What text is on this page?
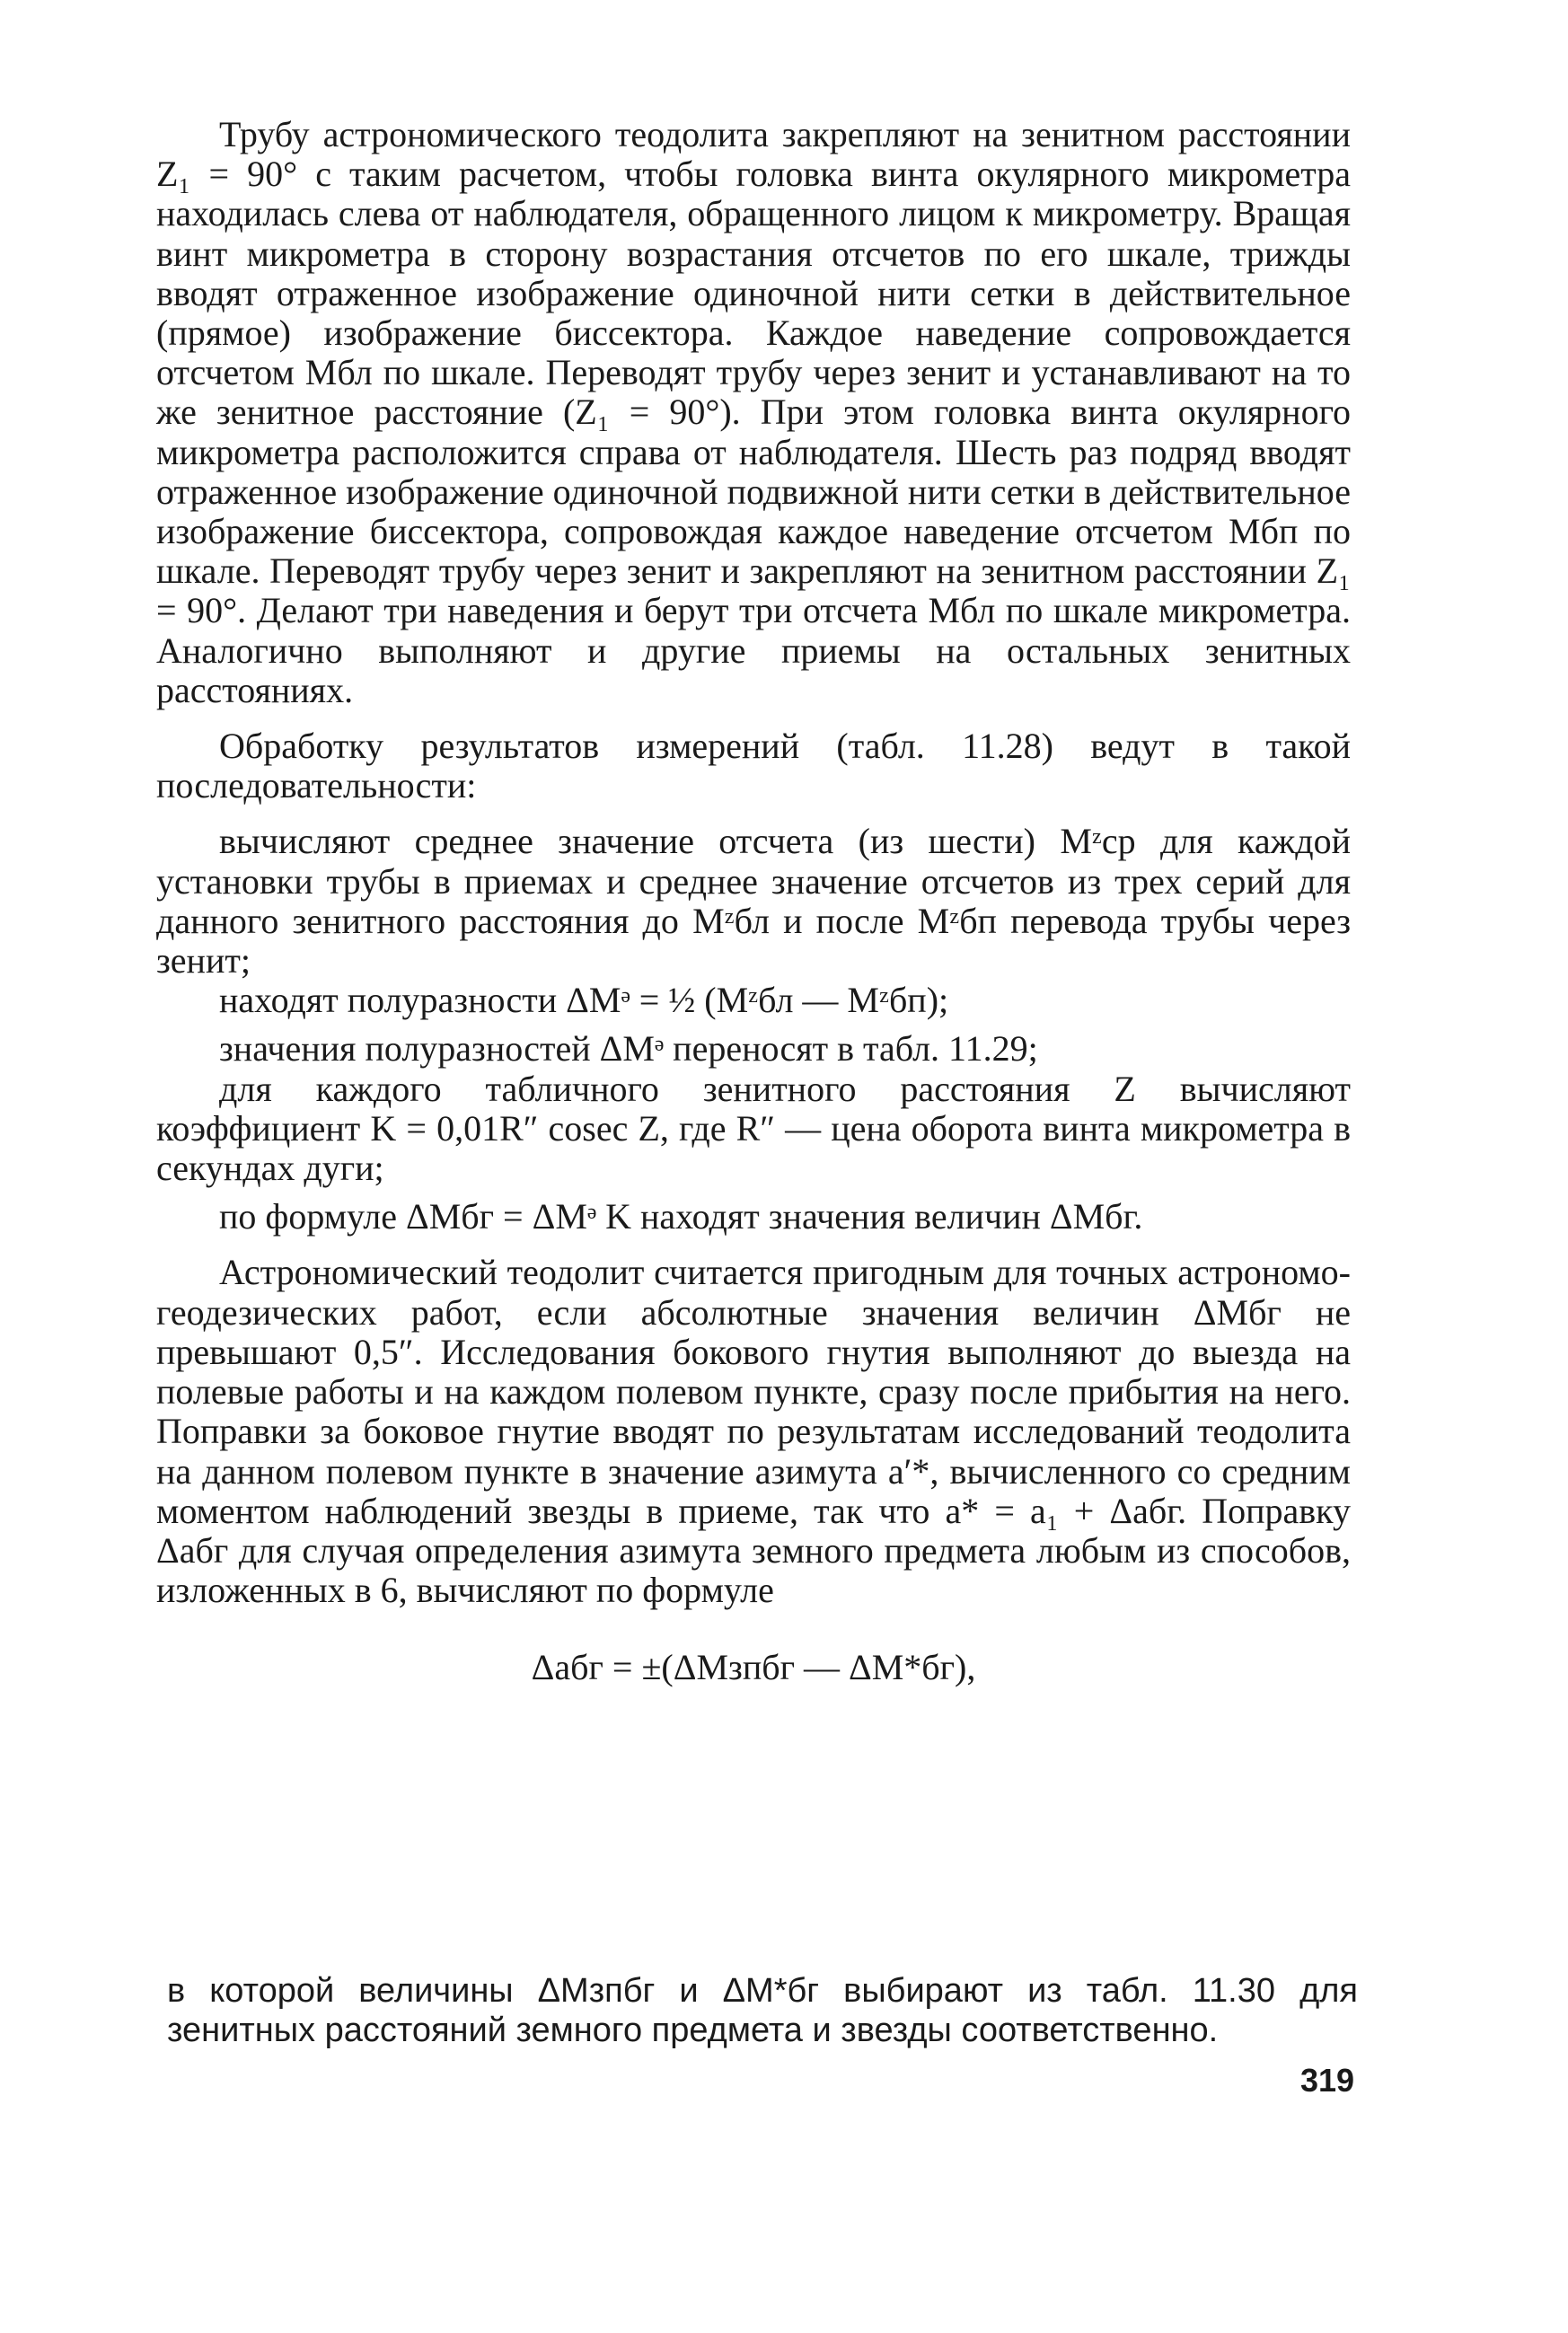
Трубу астрономического теодолита закрепляют на зенитном расстоянии Z₁ = 90° с таким расчетом, чтобы головка винта окулярного микрометра находилась слева от наблюдателя, обращенного лицом к микрометру. Вращая винт микрометра в сторону возрастания отсчетов по его шкале, трижды вводят отраженное изображение одиночной нити сетки в действительное (прямое) изображение биссектора. Каждое наведение сопровождается отсчетом Mбл по шкале. Переводят трубу через зенит и устанавливают на то же зенитное расстояние (Z₁ = 90°). При этом головка винта окулярного микрометра расположится справа от наблюдателя. Шесть раз подряд вводят отраженное изображение одиночной подвижной нити сетки в действительное изображение биссектора, сопровождая каждое наведение отсчетом Mбп по шкале. Переводят трубу через зенит и закрепляют на зенитном расстоянии Z₁ = 90°. Делают три наведения и берут три отсчета Mбл по шкале микрометра. Аналогично выполняют и другие приемы на остальных зенитных расстояниях.

Обработку результатов измерений (табл. 11.28) ведут в такой последовательности:

вычисляют среднее значение отсчета (из шести) Mᶻср для каждой установки трубы в приемах и среднее значение отсчетов из трех серий для данного зенитного расстояния до Mᶻбл и после Mᶻбп перевода трубы через зенит;

находят полуразности ΔMᵊ = ½ (Mᶻбл — Mᶻбп);

значения полуразностей ΔMᵊ переносят в табл. 11.29;

для каждого табличного зенитного расстояния Z вычисляют коэффициент K = 0,01R″ cosec Z, где R″ — цена оборота винта микрометра в секундах дуги;

по формуле ΔMбг = ΔMᵊ K находят значения величин ΔMбг.

Астрономический теодолит считается пригодным для точных астрономо-геодезических работ, если абсолютные значения величин ΔMбг не превышают 0,5″. Исследования бокового гнутия выполняют до выезда на полевые работы и на каждом полевом пункте, сразу после прибытия на него. Поправки за боковое гнутие вводят по результатам исследований теодолита на данном полевом пункте в значение азимута a′*, вычисленного со средним моментом наблюдений звезды в приеме, так что a* = a₁ + Δaбг. Поправку Δaбг для случая определения азимута земного предмета любым из способов, изложенных в 6, вычисляют по формуле

Δaбг = ±(ΔMзпбг — ΔM*бг),

в которой величины ΔMзпбг и ΔM*бг выбирают из табл. 11.30 для зенитных расстояний земного предмета и звезды соответственно.

319
